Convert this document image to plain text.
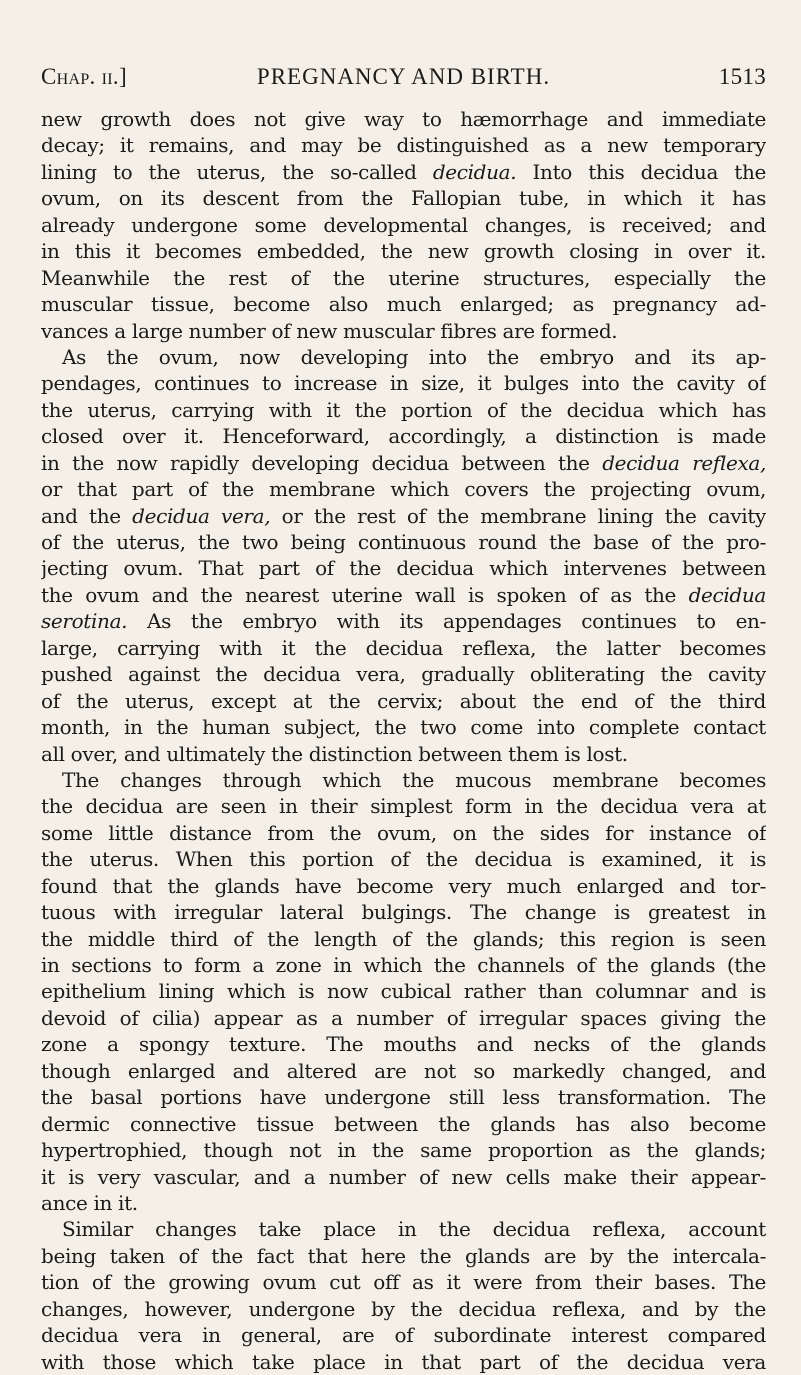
Chap. ii.]	PREGNANCY AND BIRTH.	1513
new growth does not give way to hæmorrhage and immediate
decay; it remains, and may be distinguished as a new temporary
lining to the uterus, the so-called decidua. Into this decidua the
ovum, on its descent from the Fallopian tube, in which it has
already undergone some developmental changes, is received; and
in this it becomes embedded, the new growth closing in over it.
Meanwhile the rest of the uterine structures, especially the
muscular tissue, become also much enlarged; as pregnancy ad-
vances a large number of new muscular fibres are formed.
As the ovum, now developing into the embryo and its ap-
pendages, continues to increase in size, it bulges into the cavity of
the uterus, carrying with it the portion of the decidua which has
closed over it. Henceforward, accordingly, a distinction is made
in the now rapidly developing decidua between the decidua reflexa,
or that part of the membrane which covers the projecting ovum,
and the decidua vera, or the rest of the membrane lining the cavity
of the uterus, the two being continuous round the base of the pro-
jecting ovum. That part of the decidua which intervenes between
the ovum and the nearest uterine wall is spoken of as the decidua
serotina. As the embryo with its appendages continues to en-
large, carrying with it the decidua reflexa, the latter becomes
pushed against the decidua vera, gradually obliterating the cavity
of the uterus, except at the cervix; about the end of the third
month, in the human subject, the two come into complete contact
all over, and ultimately the distinction between them is lost.
The changes through which the mucous membrane becomes
the decidua are seen in their simplest form in the decidua vera at
some little distance from the ovum, on the sides for instance of
the uterus. When this portion of the decidua is examined, it is
found that the glands have become very much enlarged and tor-
tuous with irregular lateral bulgings. The change is greatest in
the middle third of the length of the glands; this region is seen
in sections to form a zone in which the channels of the glands (the
epithelium lining which is now cubical rather than columnar and is
devoid of cilia) appear as a number of irregular spaces giving the
zone a spongy texture. The mouths and necks of the glands
though enlarged and altered are not so markedly changed, and
the basal portions have undergone still less transformation. The
dermic connective tissue between the glands has also become
hypertrophied, though not in the same proportion as the glands;
it is very vascular, and a number of new cells make their appear-
ance in it.
Similar changes take place in the decidua reflexa, account
being taken of the fact that here the glands are by the intercala-
tion of the growing ovum cut off as it were from their bases. The
changes, however, undergone by the decidua reflexa, and by the
decidua vera in general, are of subordinate interest compared
with those which take place in that part of the decidua vera
